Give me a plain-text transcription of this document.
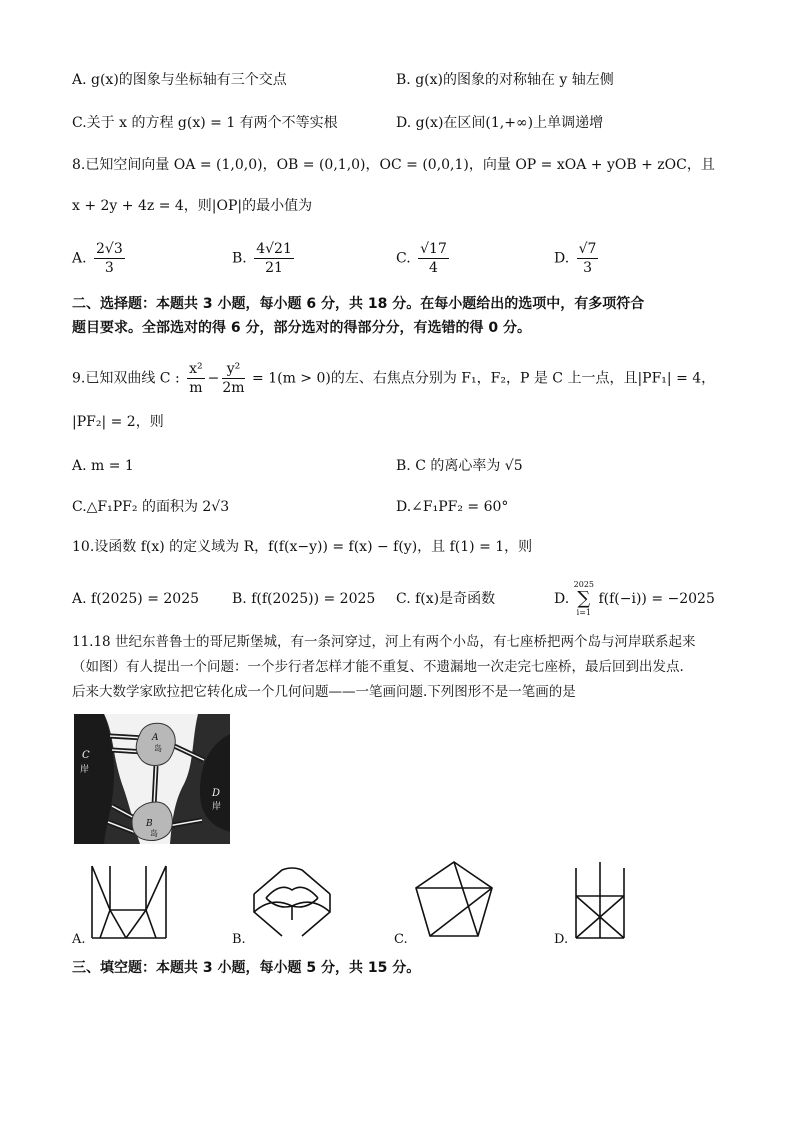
A. g(x)的图象与坐标轴有三个交点	B. g(x)的图象的对称轴在 y 轴左侧
C.关于 x 的方程 g(x) = 1 有两个不等实根	D. g(x)在区间(1,+∞)上单调递增
8.已知空间向量 OA = (1,0,0)，OB = (0,1,0)，OC = (0,0,1)，向量 OP = xOA + yOB + zOC，且
x + 2y + 4z = 4，则|OP|的最小值为
A. $\frac{2√3}{3}$	B. $\frac{4√21}{21}$	C. $\frac{√17}{4}$	D. $\frac{√7}{3}$
二、选择题：本题共 3 小题，每小题 6 分，共 18 分。在每小题给出的选项中，有多项符合
题目要求。全部选对的得 6 分，部分选对的得部分分，有选错的得 0 分。
9.已知双曲线 C : $\frac{\text{x²}}{m} - \frac{\text{y²}}{2m} = 1(m > 0)$的左、右焦点分别为 F₁，F₂，P 是 C 上一点，且|PF₁| = 4，
|PF₂| = 2，则
A. m = 1	B. C 的离心率为 √5
C.△F₁PF₂ 的面积为 2√3	D.∠F₁PF₂ = 60°
10.设函数 f(x) 的定义域为 R，f(f(x−y)) = f(x) − f(y)，且 f(1) = 1，则
A. f(2025) = 2025 B. f(f(2025)) = 2025 C. f(x)是奇函数	D.
2025
∑
i=1
f(f(−i)) = −2025
11.18 世纪东普鲁士的哥尼斯堡城，有一条河穿过，河上有两个小岛，有七座桥把两个岛与河岸联系起来
（如图）有人提出一个问题：一个步行者怎样才能不重复、不遗漏地一次走完七座桥，最后回到出发点.
后来大数学家欧拉把它转化成一个几何问题——一笔画问题.下列图形不是一笔画的是
A
B
岛
岛
C
岸
D
岸
A.	B.	C.	D.
三、填空题：本题共 3 小题，每小题 5 分，共 15 分。
